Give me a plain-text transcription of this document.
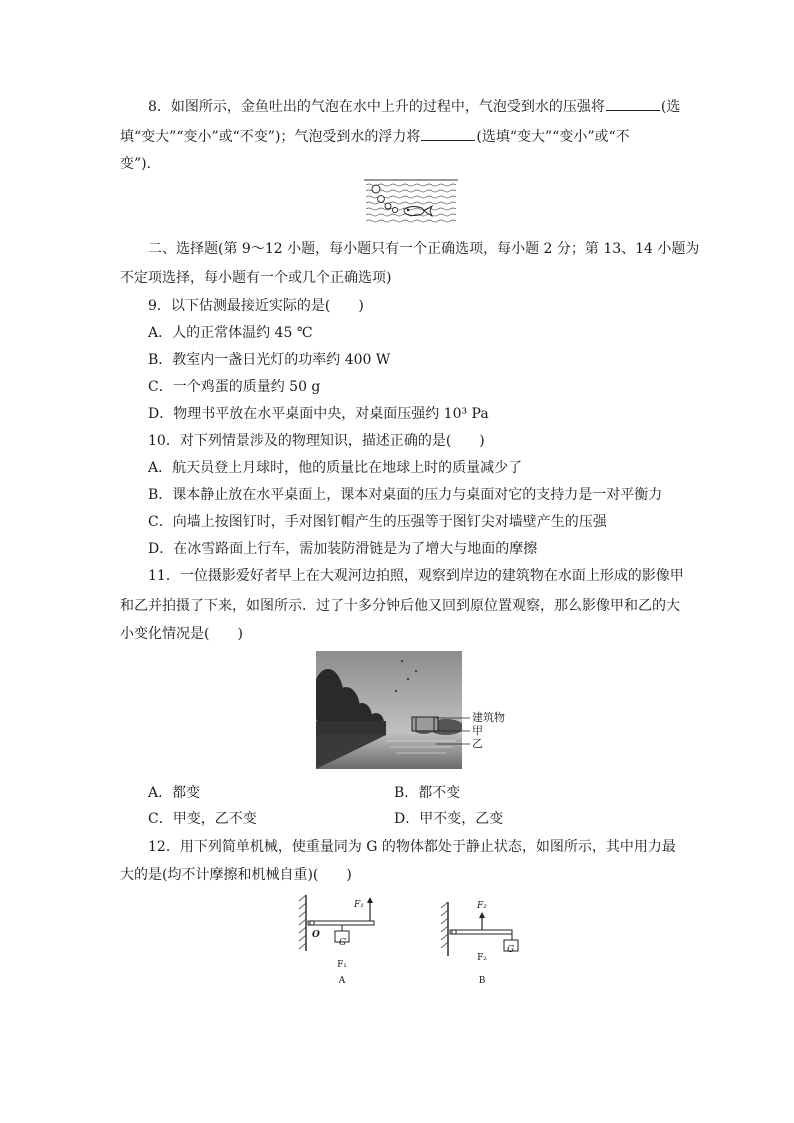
8．如图所示，金鱼吐出的气泡在水中上升的过程中，气泡受到水的压强将	(选
填“变大”“变小”或“不变”)；气泡受到水的浮力将	(选填“变大”“变小”或“不
变”)．
二、选择题(第 9～12 小题，每小题只有一个正确选项，每小题 2 分；第 13、14 小题为
不定项选择，每小题有一个或几个正确选项)
9．以下估测最接近实际的是(　　)
A．人的正常体温约 45 ℃
B．教室内一盏日光灯的功率约 400 W
C．一个鸡蛋的质量约 50 g
D．物理书平放在水平桌面中央，对桌面压强约 10³ Pa
10．对下列情景涉及的物理知识，描述正确的是(　　)
A．航天员登上月球时，他的质量比在地球上时的质量减少了
B．课本静止放在水平桌面上，课本对桌面的压力与桌面对它的支持力是一对平衡力
C．向墙上按图钉时，手对图钉帽产生的压强等于图钉尖对墙壁产生的压强
D．在冰雪路面上行车，需加装防滑链是为了增大与地面的摩擦
11．一位摄影爱好者早上在大观河边拍照，观察到岸边的建筑物在水面上形成的影像甲
和乙并拍摄了下来，如图所示．过了十多分钟后他又回到原位置观察，那么影像甲和乙的大
小变化情况是(　　)
建筑物
甲
乙
A．都变	B．都不变
C．甲变，乙不变	D．甲不变，乙变
12．用下列简单机械，使重量同为 G 的物体都处于静止状态，如图所示，其中用力最
大的是(均不计摩擦和机械自重)(　　)
F₁
O
G
F₁
A
F₂
G
F₂
B
